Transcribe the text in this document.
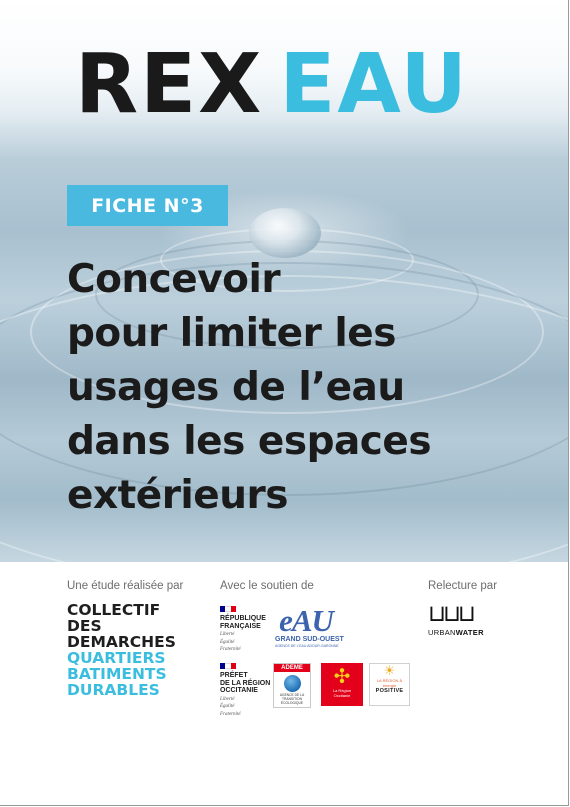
REX EAU
FICHE N°3
Concevoir
pour limiter les
usages de l’eau
dans les espaces
extérieurs

Une étude réalisée par	Avec le soutien de	Relecture par

COLLECTIF
DES
DEMARCHES
QUARTIERS
BATIMENTS
DURABLES
RÉPUBLIQUE
FRANÇAISE
Liberté
Égalité
Fraternité
eAU
GRAND SUD-OUEST
AGENCE DE L'EAU ADOUR-GARONNE
PRÉFET
DE LA RÉGION
OCCITANIE
Liberté
Égalité
Fraternité
ADEME
AGENCE DE LA
TRANSITION
ÉCOLOGIQUE
✣
La Région
Occitanie
☀
LA RÉGION À
énergie
POSITIVE
⊔⊔⊔
URBANWATER
